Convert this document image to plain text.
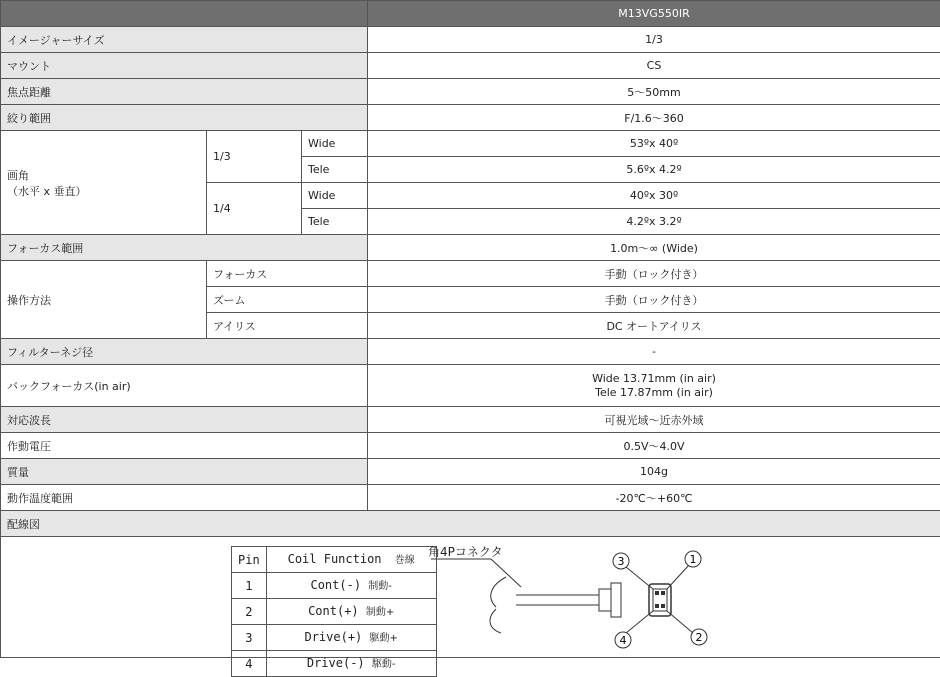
	M13VG550IR
イメージャーサイズ	1/3
マウント	CS
焦点距離	5〜50mm
絞り範囲	F/1.6〜360

画角
（水平 x 垂直）
	1/3	Wide	53ºx 40º
Tele	5.6ºx 4.2º
1/4	Wide	40ºx 30º
Tele	4.2ºx 3.2º
フォーカス範囲	1.0m〜∞ (Wide)
操作方法	フォーカス	手動（ロック付き）
ズーム	手動（ロック付き）
アイリス	DC オートアイリス
フィルターネジ径	-
バックフォーカス(in air)	
Wide 13.71mm (in air)
Tele 17.87mm (in air)

対応波長	可視光域〜近赤外域
作動電圧	0.5V〜4.0V
質量	104g
動作温度範囲	-20℃〜+60℃
配線図

Pin	Coil Function 巻線
1	Cont(-) 制動-
2	Cont(+) 制動+
3	Drive(+) 駆動+
4	Drive(-) 駆動-
角4Pコネクタ
3	1
4	2
